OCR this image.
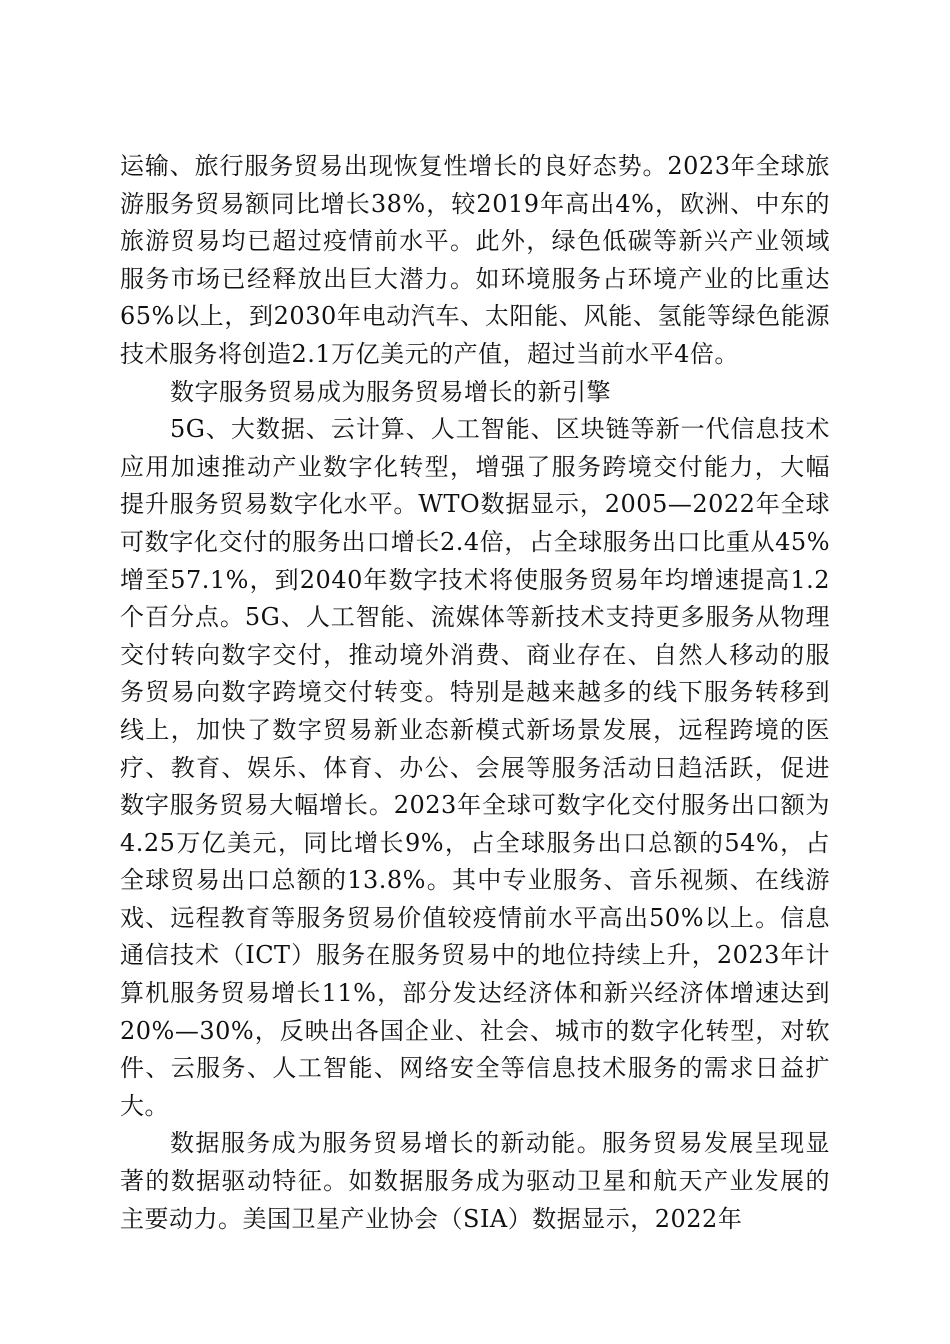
运输、旅行服务贸易出现恢复性增长的良好态势。2023年全球旅游服务贸易额同比增长38%，较2019年高出4%，欧洲、中东的旅游贸易均已超过疫情前水平。此外，绿色低碳等新兴产业领域服务市场已经释放出巨大潜力。如环境服务占环境产业的比重达65%以上，到2030年电动汽车、太阳能、风能、氢能等绿色能源技术服务将创造2.1万亿美元的产值，超过当前水平4倍。

数字服务贸易成为服务贸易增长的新引擎

5G、大数据、云计算、人工智能、区块链等新一代信息技术应用加速推动产业数字化转型，增强了服务跨境交付能力，大幅提升服务贸易数字化水平。WTO数据显示，2005—2022年全球可数字化交付的服务出口增长2.4倍，占全球服务出口比重从45%增至57.1%，到2040年数字技术将使服务贸易年均增速提高1.2个百分点。5G、人工智能、流媒体等新技术支持更多服务从物理交付转向数字交付，推动境外消费、商业存在、自然人移动的服务贸易向数字跨境交付转变。特别是越来越多的线下服务转移到线上，加快了数字贸易新业态新模式新场景发展，远程跨境的医疗、教育、娱乐、体育、办公、会展等服务活动日趋活跃，促进数字服务贸易大幅增长。2023年全球可数字化交付服务出口额为4.25万亿美元，同比增长9%，占全球服务出口总额的54%，占全球贸易出口总额的13.8%。其中专业服务、音乐视频、在线游戏、远程教育等服务贸易价值较疫情前水平高出50%以上。信息通信技术（ICT）服务在服务贸易中的地位持续上升，2023年计算机服务贸易增长11%，部分发达经济体和新兴经济体增速达到20%—30%，反映出各国企业、社会、城市的数字化转型，对软件、云服务、人工智能、网络安全等信息技术服务的需求日益扩大。

数据服务成为服务贸易增长的新动能。服务贸易发展呈现显著的数据驱动特征。如数据服务成为驱动卫星和航天产业发展的主要动力。美国卫星产业协会（SIA）数据显示，2022年
